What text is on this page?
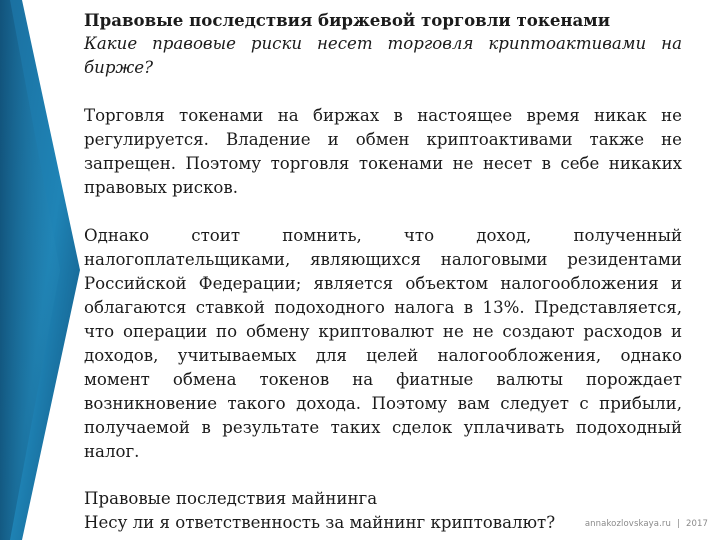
Правовые последствия биржевой торговли токенами

Какие правовые риски несет торговля криптоактивами на бирже?

Торговля токенами на биржах в настоящее время никак не регулируется. Владение и обмен криптоактивами также не запрещен. Поэтому торговля токенами не несет в себе никаких правовых рисков.

Однако стоит помнить, что доход, полученный налогоплательщиками, являющихся налоговыми резидентами Российской Федерации; является объектом налогообложения и облагаются ставкой подоходного налога в 13%. Представляется, что операции по обмену криптовалют не не создают расходов и доходов, учитываемых для целей налогообложения, однако момент обмена токенов на фиатные валюты порождает возникновение такого дохода. Поэтому вам следует с прибыли, получаемой в результате таких сделок уплачивать подоходный налог.

Правовые последствия майнинга

Несу ли я ответственность за майнинг криптовалют?	annakozlovskaya.ru | 2017
